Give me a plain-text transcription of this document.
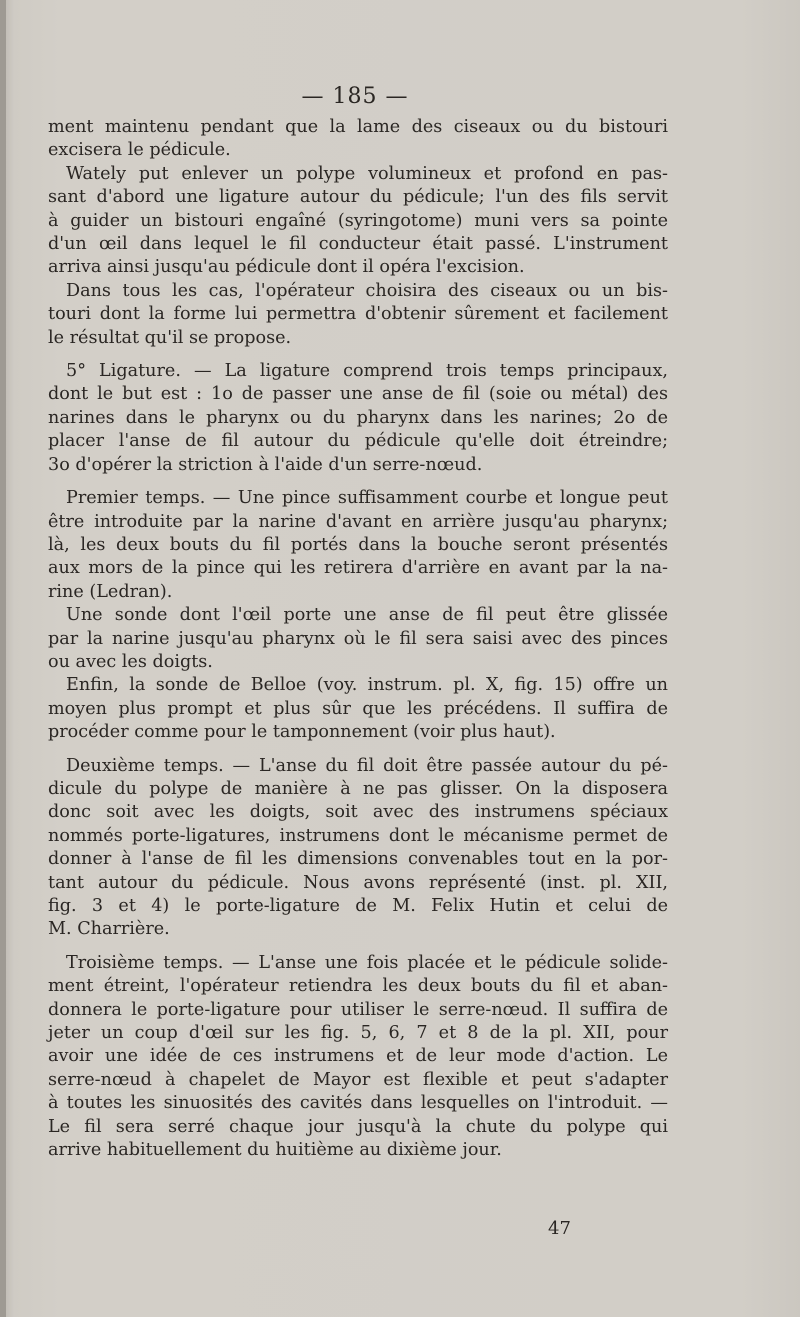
— 185 —
ment maintenu pendant que la lame des ciseaux ou du bistouri
excisera le pédicule.
Wately put enlever un polype volumineux et profond en pas-
sant d'abord une ligature autour du pédicule; l'un des fils servit
à guider un bistouri engaîné (syringotome) muni vers sa pointe
d'un œil dans lequel le fil conducteur était passé. L'instrument
arriva ainsi jusqu'au pédicule dont il opéra l'excision.
Dans tous les cas, l'opérateur choisira des ciseaux ou un bis-
touri dont la forme lui permettra d'obtenir sûrement et facilement
le résultat qu'il se propose.
5° Ligature. — La ligature comprend trois temps principaux,
dont le but est : 1o de passer une anse de fil (soie ou métal) des
narines dans le pharynx ou du pharynx dans les narines; 2o de
placer l'anse de fil autour du pédicule qu'elle doit étreindre;
3o d'opérer la striction à l'aide d'un serre-nœud.
Premier temps. — Une pince suffisamment courbe et longue peut
être introduite par la narine d'avant en arrière jusqu'au pharynx;
là, les deux bouts du fil portés dans la bouche seront présentés
aux mors de la pince qui les retirera d'arrière en avant par la na-
rine (Ledran).
Une sonde dont l'œil porte une anse de fil peut être glissée
par la narine jusqu'au pharynx où le fil sera saisi avec des pinces
ou avec les doigts.
Enfin, la sonde de Belloe (voy. instrum. pl. X, fig. 15) offre un
moyen plus prompt et plus sûr que les précédens. Il suffira de
procéder comme pour le tamponnement (voir plus haut).
Deuxième temps. — L'anse du fil doit être passée autour du pé-
dicule du polype de manière à ne pas glisser. On la disposera
donc soit avec les doigts, soit avec des instrumens spéciaux
nommés porte-ligatures, instrumens dont le mécanisme permet de
donner à l'anse de fil les dimensions convenables tout en la por-
tant autour du pédicule. Nous avons représenté (inst. pl. XII,
fig. 3 et 4) le porte-ligature de M. Felix Hutin et celui de
M. Charrière.
Troisième temps. — L'anse une fois placée et le pédicule solide-
ment étreint, l'opérateur retiendra les deux bouts du fil et aban-
donnera le porte-ligature pour utiliser le serre-nœud. Il suffira de
jeter un coup d'œil sur les fig. 5, 6, 7 et 8 de la pl. XII, pour
avoir une idée de ces instrumens et de leur mode d'action. Le
serre-nœud à chapelet de Mayor est flexible et peut s'adapter
à toutes les sinuosités des cavités dans lesquelles on l'introduit. —
Le fil sera serré chaque jour jusqu'à la chute du polype qui
arrive habituellement du huitième au dixième jour.
47
